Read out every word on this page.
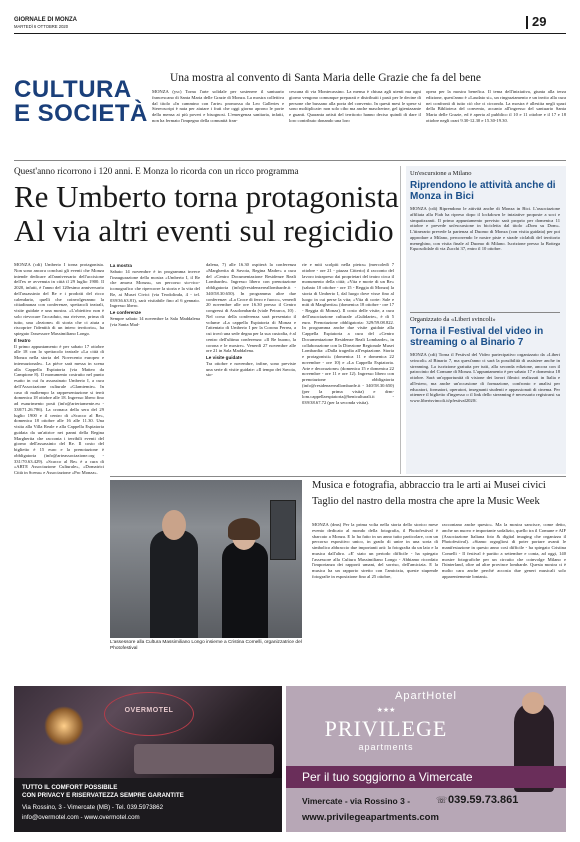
GIORNALE DI MONZA
MARTEDÌ 6 OTTOBRE 2020	29
CULTURA
E SOCIETÀ
Una mostra al convento di Santa Maria delle Grazie che fa del bene
MONZA (ysc) Torna l'arte solidale per sostenere il santuario francescano di Santa Maria delle Grazie di Monza. La mostra collettiva dal titolo «In cammino con l'arte» promossa da Leo Galleries e Stereoscript è nata per aiutare i frati che oggi giorno aprono le porte della mensa ai più poveri e bisognosi. L'emergenza sanitaria, infatti, non ha fermato l'impegno della comunità fran-
cescana di via Montecassino. La mensa è chiusa agli utenti ma ogni giorno vengono comunque preparati e distribuiti i pasti per le decine di persone che bussano alla porta del convento. In questi mesi le spese si sono moltiplicate: non solo cibo ma anche mascherine, gel igienizzante e guanti. Quaranta artisti del territorio hanno deciso quindi di dare il loro contributo donando una loro
opera per la mostra benefica. Il tema dell'iniziativa, giunta alla terza edizione, quest'anno è «Laudato si», un ringraziamento e un invito alla cura nei confronti di tutto ciò che ci circonda. La mostra è allestita negli spazi della Biblioteca del convento, accanto all'ingresso del santuario Santa Maria delle Grazie, ed è aperta al pubblico il 10 e 11 ottobre e il 17 e 18 ottobre negli orari 9.30-12.30 e 15.30-19.30.
Quest'anno ricorrono i 120 anni. E Monza lo ricorda con un ricco programma
Re Umberto torna protagonista
Al via altri eventi sul regicidio
MONZA (cdi) Umberto I torna protagonista. Non sono ancora conclusi gli eventi che Monza intende dedicare all'anniversario dell'uccisione dell'ex re avvenuta in città il 29 luglio 1900. Il 2020, infatti, è l'anno del 120esimo anniversario dell'assassinio del Re e i prodotti del ricco calendario, quelli che coinvolgeranno la cittadinanza con conferenze, spettacoli teatrali, visite guidate e una mostra. «L'obiettivo non è solo rievocare l'accaduto, ma rivivere, prima di tutto, una «lezione» di storia che ci aiuta a riscoprire l'identità di un intero territorio», ha spiegato l'assessore Massimiliano Longo.
Il teatro
Il primo appuntamento è per sabato 17 ottobre alle 18 con lo spettacolo teatrale «La città di Monza nella storia del Novecento europeo e internazionale». La pièce sarà messa in scena alla Cappella Espiatoria (via Matteo da Campione 8). Il monumento costruito nel punto esatto in cui fu assassinato Umberto I, a cura dell'Associazione culturale «Glamtemie». In caso di maltempo la rappresentazione si terrà domenica 18 ottobre alle 18. Ingresso libero fino ad esaurimento posti (info@arteriamente.eu - 338/71.26.786). La cronaca della sera del 29 luglio 1900 e il centro di «Scacco al Re», domenica 18 ottobre alle 16 alle 11.30. Una visita alla Villa Reale e alla Cappella Espiatoria guidata da un'attrice nei panni della Regina Margherita che racconta i terribili eventi del giorno dell'assassinio del Re. Il costo del biglietto è 15 euro e la prenotazione è obbligatoria (info@arteassociazione.org - 331/70.63.429). «Scacco al Re» è a cura di «ARTE Associazione Culturale», «Domatrici Città in Scena» e Associazione «Pro Monza».
La mostra
Sabato 14 novembre è in programma invece l'inaugurazione della mostra «Umberto I, il Re che amava Monza», un percorso sto-rico-iconografico che ripercorre la storia e la vita del Re, ai Musei Civici (via Teodolinda, 4 - tel. 039/36.63.81), sarà visitabile fino al 6 gennaio. Ingresso libero.
Le conferenze
Sempre sabato 14 novembre la Sala Maddalena (via Santa Mad-
dalena, 7) alle 16.30 ospiterà la conferenza «Margherita di Savoia, Regina Madre» a cura del «Centro Documentazione Residenze Reali Lombarde». Ingresso libero con prenotazione obbligatoria (info@residenzereallombarde.it - 340/58.30.650). In programma altre due conferenze: «La Croce di ferro e fuoco», venerdì 20 novembre alle ore 16.30 presso il Centro congressi di Assolombarda (viale Petrarca, 10) . Nel corso della conferenza sarà presentato il volume «La cappella Espiatoria di Monza e l'attentato di Umberto I per la Corona Ferrea, a cui trovò una sede degna per la sua custodia, è al centro dell'ultima conferenza: «Il Re buono, la corona e le mostre». Venerdì 27 novembre alle ore 21 in Sala Maddalena.
Le visite guidate
Tra ottobre e novembre, infine, sono previste una serie di visite guidate: «Il tempo dei Savoia, sto-
rie e miti scolpiti nella pietra» (mercoledì 7 ottobre - ore 21 - piazza Citterio) il racconto del lavoro intrapreso dai proprietari del teatro circa il monumento della città; «Vita e morte di un Re» (sabato 10 ottobre - ore 15 - Reggia di Monza) la storia di Umberto I, dal luogo dove visse fino al luogo in cui perse la vita; «Vita di corte: Sale e miti di Margherita» (domenica 18 ottobre - ore 17 - Reggia di Monza). Il costo delle visite, a cura dell'associazione culturale «Gulidarte», è di 5 euro. Prenotazione obbligatoria: 329/59.08.822. In programma anche due visite guidate alla Cappella Espiatoria a cura del «Centro Documentazione Residenze Reali Lombarde», in collaborazione con la Direzione Regionale Musei Lombardia: «Dalla tragedia all'espiazione. Storia e protagonisti» (domenica 11 e domenica 22 novembre - ore 10) e «La Cappella Espiatoria. Arte e decorazione» (domenica 15 e domenica 22 novembre - ore 11 e ore 12). Ingresso libero con prenotazione obbligatoria (info@residenzereallombarde.it - 340/58.30.650) (per la prima visita) e drm-lom.cappellaespiatoria@beniculturali.it - 039/38.67.72 (per la seconda visita).
Un'escursione a Milano
Riprendono le attività anche di Monza in Bici
MONZA (cdi) Riprendono le attività anche di Monza in Bici. L'associazione affiliata alla Fiab ha ripreso dopo il lockdown le iniziative proposte a soci e simpatizzanti. Il primo appuntamento previsto sarà proprio per domenica 11 ottobre e prevede un'escursione in bicicletta dal titolo «Dom su Dom». L'itinerario prevede la partenza al Duomo di Monza (con visita guidata) per poi approdare a Milano, percorrendo le nostre piste e strade ciclabili del territorio meneghino, con visita finale al Duomo di Milano. Iscrizione presso la Bottega Equosolidale di via Zucchi 37, entro il 10 ottobre.
Organizzato da «Liberi svincoli»
Torna il Festival del video in streaming o al Binario 7
MONZA (cdi) Torna il Festival del Video partecipativo organizzato da «Liberi svincoli» al Binario 7, ma quest'anno ci sarà la possibilità di assistere anche in streaming. La iscrizione gratuita per tutti, alla seconda edizione, ancora con il patrocinio del Comune di Monza. L'appuntamento è per sabato 17 e domenica 18 ottobre. Sarà un'opportunità di visione dei lavori filmici realizzati in Italia e all'estero, ma anche un'occasione di formazione, confronto e analisi per educatori, formatori, operatori, insegnanti studenti e appassionati di cinema. Per ottenere il biglietto d'ingresso o il link dello streaming è necessario registrarsi su www.liberisvincoli.it/pfestival2020/.
Musica e fotografia, abbraccio tra le arti ai Musei civici
Taglio del nastro della mostra che apre la Music Week
L'assessore alla Cultura Massimiliano Longo insieme a Cristina Comelli, organizzatrice del Photofestival
MONZA (dms) Per la prima volta nella storia dello storico mese evento dedicato al mondo della fotografia, il Photofestival è sbarcato a Monza. E lo ha fatto in un anno tutto particolare, con un percorso espositivo unico, in grado di unire in una sorta di simbolico abbraccio due importanti arti: la fotografia da un lato e la musica dall'altro. «E' stato un periodo difficile - ha spiegato l'assessore alla Cultura Massimiliano Longo - Abbiamo ricordato l'importanza dei rapporti umani, del sorriso, dell'amicizia. E la musica ha un rapporto stretto con l'amicizia, queste stupende fotografie in esposizione fino al 25 ottobre,
raccontano anche questo». Ma la mostra sancisce, come detto, anche un nuovo e importante sodalizio, quello tra il Comune e AIF (Associazione Italiana foto & digital imaging che organizza il Photofestival). «Siamo orgogliosi di poter portare avanti le manifestazione in questo anno così difficile - ha spiegato Cristina Comelli - Il festival è partito a settembre e conta, ad oggi, 140 mostre fotografiche per un circuito che coinvolge Milano e l'hinterland, oltre ad altre province lombarde. Questa mostra ci è molto cara anche perché accosta due generi musicali solo apparentemente lontani».
OVERMOTEL
TUTTO IL COMFORT POSSIBILE
CON PRIVACY E RISERVATEZZA SEMPRE GARANTITE
Via Rossino, 3 - Vimercate (MB) - Tel. 039.5973862
info@overmotel.com - www.overmotel.com
ApartHotel
★★★
PRIVILEGE
apartments
Per il tuo soggiorno a Vimercate
Vimercate - via Rossino 3 -	☏ 039.59.73.861
www.privilegeapartments.com
